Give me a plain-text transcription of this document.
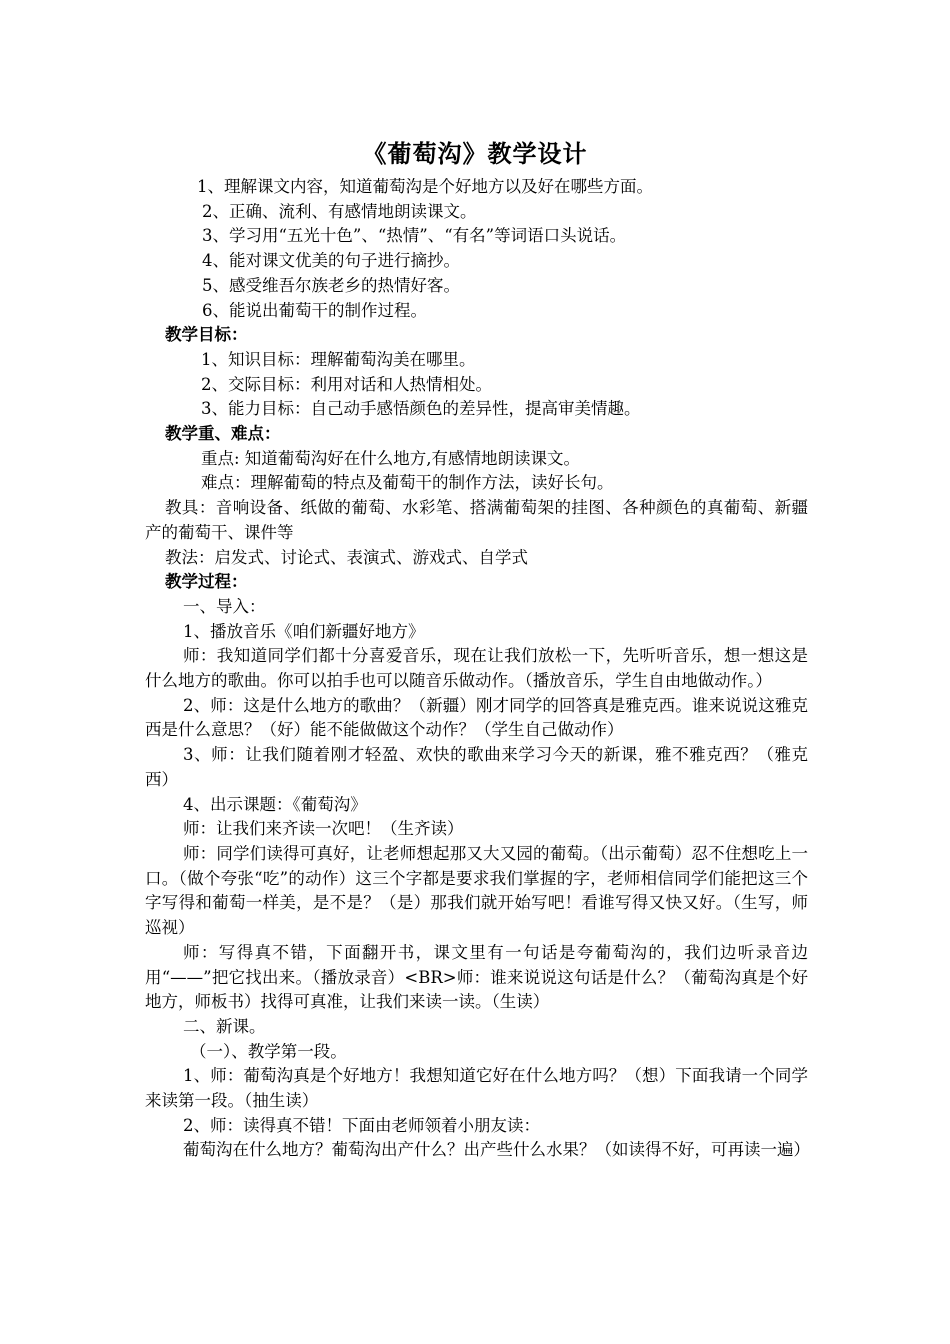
《葡萄沟》教学设计

1、理解课文内容，知道葡萄沟是个好地方以及好在哪些方面。

2、正确、流利、有感情地朗读课文。

3、学习用“五光十色”、“热情”、“有名”等词语口头说话。

4、能对课文优美的句子进行摘抄。

5、感受维吾尔族老乡的热情好客。

6、能说出葡萄干的制作过程。

教学目标：

1、知识目标：理解葡萄沟美在哪里。

2、交际目标：利用对话和人热情相处。

3、能力目标：自己动手感悟颜色的差异性，提高审美情趣。

教学重、难点：

重点: 知道葡萄沟好在什么地方,有感情地朗读课文。

难点：理解葡萄的特点及葡萄干的制作方法，读好长句。

教具：音响设备、纸做的葡萄、水彩笔、搭满葡萄架的挂图、各种颜色的真葡萄、新疆产的葡萄干、课件等

教法：启发式、讨论式、表演式、游戏式、自学式

教学过程：

一、导入：

1、播放音乐《咱们新疆好地方》

师：我知道同学们都十分喜爱音乐，现在让我们放松一下，先听听音乐，想一想这是什么地方的歌曲。你可以拍手也可以随音乐做动作。（播放音乐，学生自由地做动作。）

2、师：这是什么地方的歌曲？（新疆）刚才同学的回答真是雅克西。谁来说说这雅克西是什么意思？（好）能不能做做这个动作？（学生自己做动作）

3、师：让我们随着刚才轻盈、欢快的歌曲来学习今天的新课，雅不雅克西？（雅克西）

4、出示课题：《葡萄沟》

师：让我们来齐读一次吧！（生齐读）

师：同学们读得可真好，让老师想起那又大又园的葡萄。（出示葡萄）忍不住想吃上一口。（做个夸张“吃”的动作）这三个字都是要求我们掌握的字，老师相信同学们能把这三个字写得和葡萄一样美，是不是？（是）那我们就开始写吧！看谁写得又快又好。（生写，师巡视）

师：写得真不错，下面翻开书，课文里有一句话是夸葡萄沟的，我们边听录音边用“——”把它找出来。（播放录音）<BR>师：谁来说说这句话是什么？（葡萄沟真是个好地方，师板书）找得可真准，让我们来读一读。（生读）

二、新课。

（一）、教学第一段。

1、师：葡萄沟真是个好地方！我想知道它好在什么地方吗？（想）下面我请一个同学来读第一段。（抽生读）

2、师：读得真不错！下面由老师领着小朋友读：

葡萄沟在什么地方？葡萄沟出产什么？出产些什么水果？（如读得不好，可再读一遍）
